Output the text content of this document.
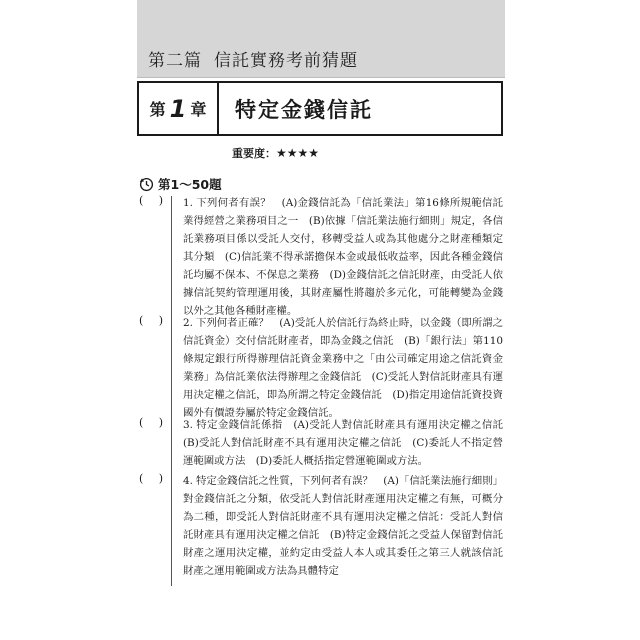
第二篇 信託實務考前猜題
第 1 章 特定金錢信託
重要度：★★★★
第1～50題
( ) 1. 下列何者有誤？　(A)金錢信託為「信託業法」第16條所規範信託業得經營之業務項目之一　(B)依據「信託業法施行細則」規定，各信託業務項目係以受託人交付，移轉受益人或為其他處分之財產種類定其分類　(C)信託業不得承諾擔保本金或最低收益率，因此各種金錢信託均屬不保本、不保息之業務　(D)金錢信託之信託財產，由受託人依據信託契約管理運用後，其財產屬性將趨於多元化，可能轉變為金錢以外之其他各種財產權。
( ) 2. 下列何者正確？　(A)受託人於信託行為終止時，以金錢（即所謂之信託資金）交付信託財產者，即為金錢之信託　(B)「銀行法」第110條規定銀行所得辦理信託資金業務中之「由公司確定用途之信託資金業務」為信託業依法得辦理之金錢信託　(C)受託人對信託財產具有運用決定權之信託，即為所謂之特定金錢信託　(D)指定用途信託資投資國外有價證券屬於特定金錢信託。
( ) 3. 特定金錢信託係指　(A)受託人對信託財產具有運用決定權之信託　(B)受託人對信託財產不具有運用決定權之信託　(C)委託人不指定營運範圍或方法　(D)委託人概括指定營運範圍或方法。
( ) 4. 特定金錢信託之性質，下列何者有誤？　(A)「信託業法施行細則」對金錢信託之分類，依受託人對信託財產運用決定權之有無，可概分為二種，即受託人對信託財產不具有運用決定權之信託：受託人對信託財產具有運用決定權之信託　(B)特定金錢信託之受益人保留對信託財產之運用決定權，並約定由受益人本人或其委任之第三人就該信託財產之運用範圍或方法為具體特定
